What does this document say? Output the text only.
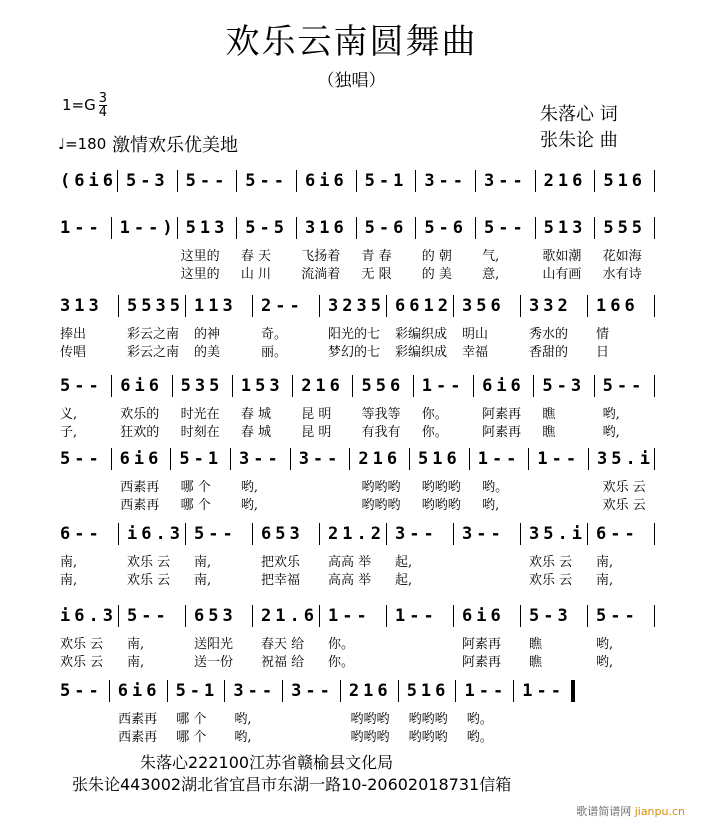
欢乐云南圆舞曲
（独唱）
$1=G \frac{3}{4}$
♩=180 激情欢乐优美地
朱落心 词
张朱论 曲
(6i6 5-3 5-- 5-- 6i6 5-1 3-- 3-- 216 516
1-- 1--) 513 5-5 316 5-6 5-6 5-- 513 555
这里的	春 天	飞扬着	青 春	的 朝	气,	歌如潮	花如海
这里的	山 川	流淌着	无 限	的 美	意,	山有画	水有诗
313	5535 113	2--	3235 6612 356	332	166
捧出	彩云之南	的神	奇。	阳光的七	彩编织成	明山	秀水的	情
传唱	彩云之南	的美	丽。	梦幻的七	彩编织成	幸福	香甜的	日
5--	6i6	535	153	216	556	1--	6i6	5-3	5--
义,	欢乐的	时光在	春 城	昆 明	等我等	你。	阿素再	瞧	哟,
子,	狂欢的	时刻在	春 城	昆 明	有我有	你。	阿素再	瞧	哟,
5-- 6i6 5-1 3-- 3-- 216 516 1-- 1-- 35.i
西素再	哪 个	哟,	哟哟哟	哟哟哟	哟。	欢乐 云
西素再	哪 个	哟,	哟哟哟	哟哟哟	哟,	欢乐 云
6--	i6.3 5--	653	21.2 3--	3--	35.i 6--
南,	欢乐 云	南,	把欢乐	高高 举	起,	欢乐 云	南,
南,	欢乐 云	南,	把幸福	高高 举	起,	欢乐 云	南,
i6.3 5--	653	21.6 1--	1--	6i6	5-3	5--
欢乐 云	南,	送阳光	春天 给	你。	阿素再	瞧	哟,
欢乐 云	南,	送一份	祝福 给	你。	阿素再	瞧	哟,
5-- 6i6 5-1 3-- 3-- 216 516 1-- 1--
西素再	哪 个	哟,	哟哟哟	哟哟哟	哟。
西素再	哪 个	哟,	哟哟哟	哟哟哟	哟。
朱落心222100江苏省赣榆县文化局
张朱论443002湖北省宜昌市东湖一路10-20602018731信箱
歌谱简谱网 jianpu.cn
